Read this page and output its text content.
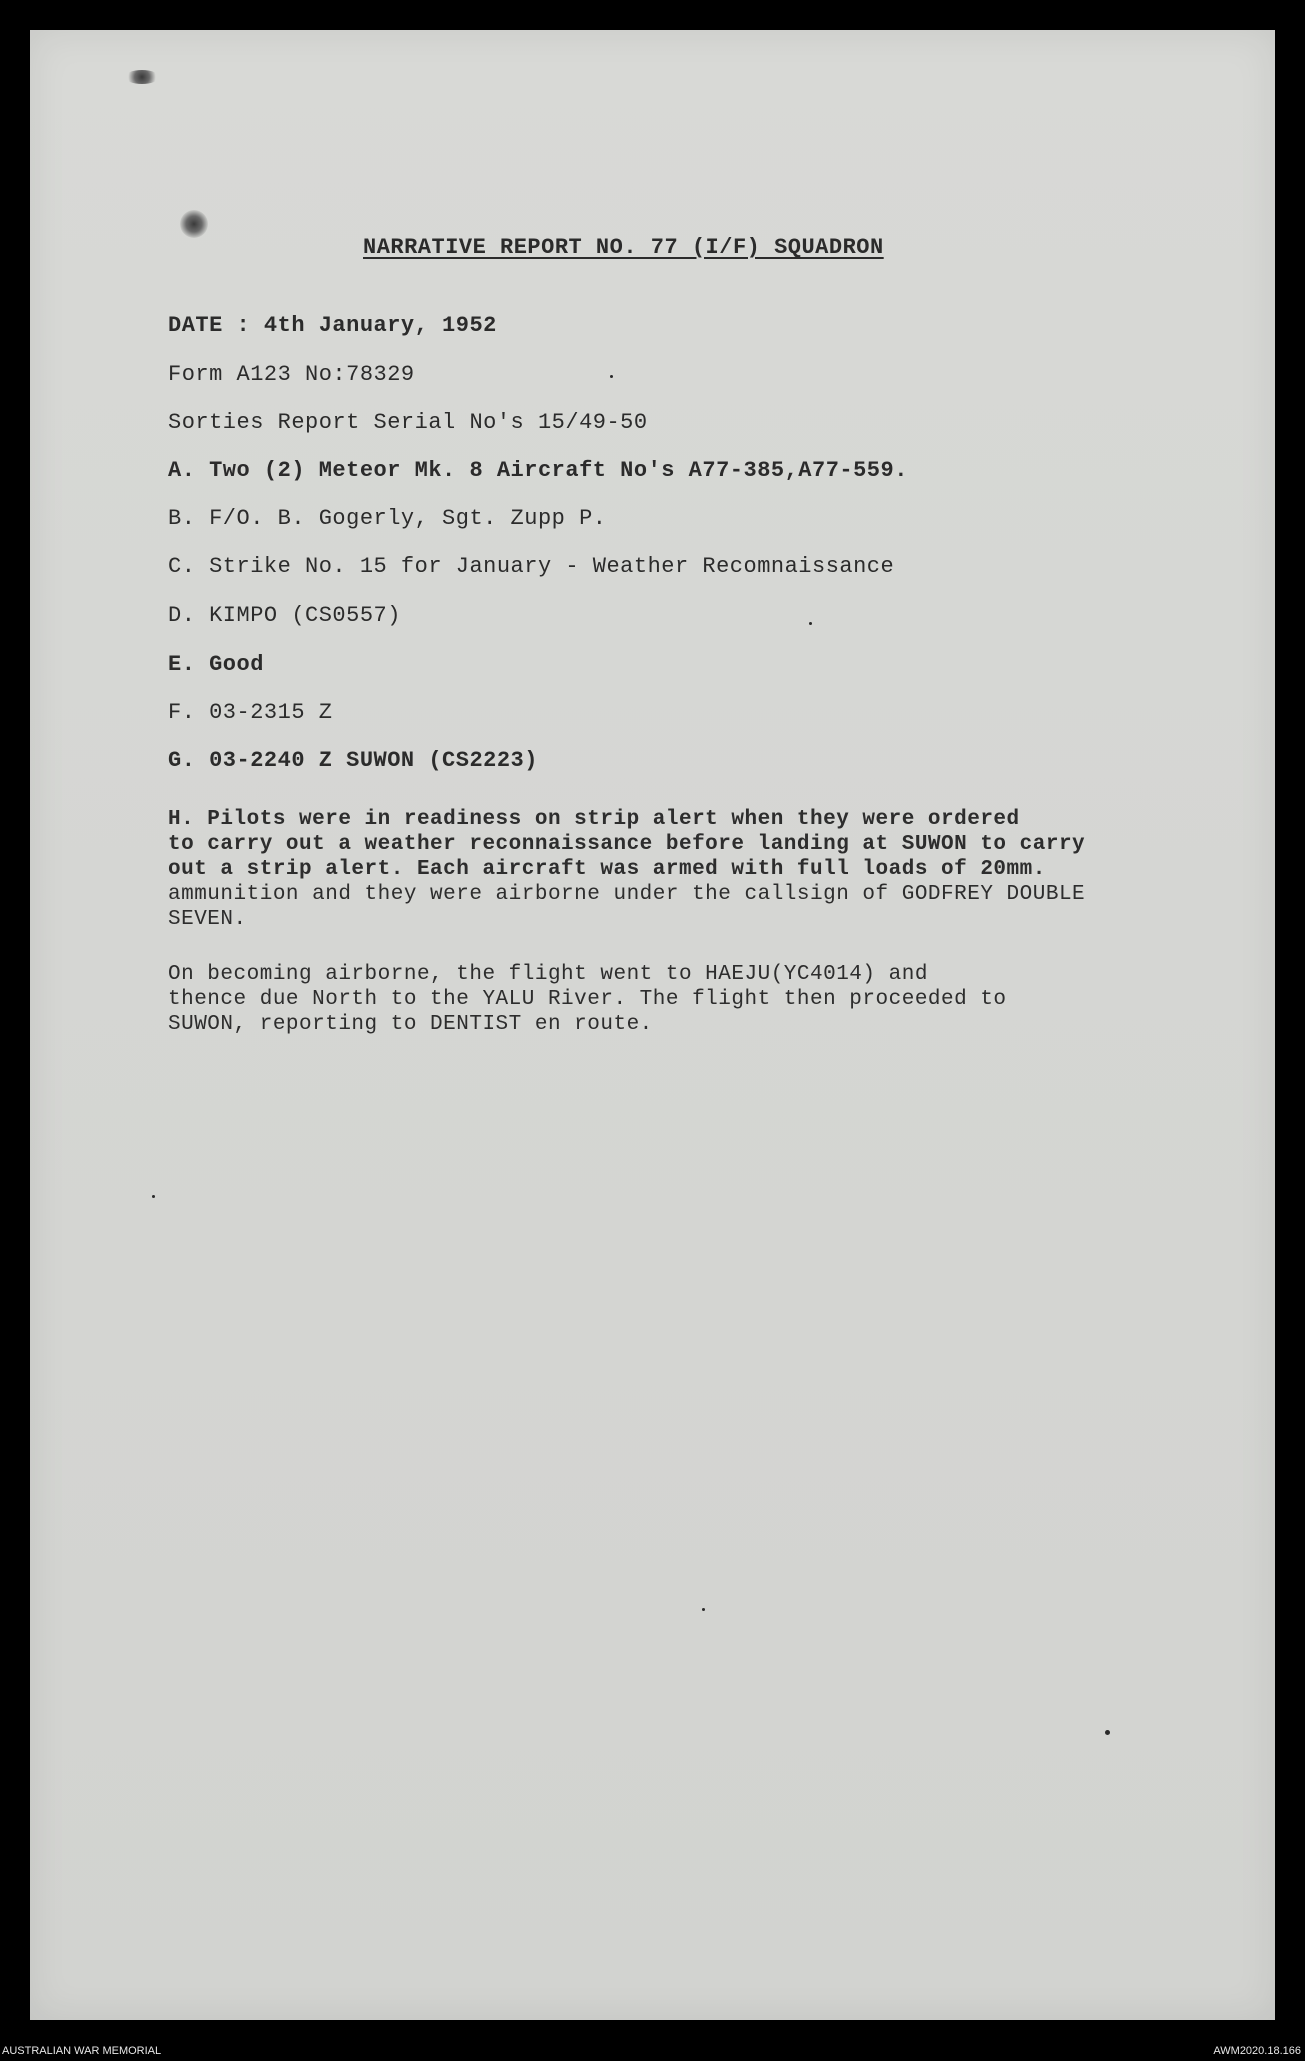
NARRATIVE REPORT NO. 77 (I/F) SQUADRON
DATE : 4th January, 1952
Form A123 No:78329
Sorties Report Serial No's 15/49-50
A. Two (2) Meteor Mk. 8 Aircraft No's A77-385,A77-559.
B. F/O. B. Gogerly, Sgt. Zupp P.
C. Strike No. 15 for January - Weather Recomnaissance
D. KIMPO (CS0557)
E. Good
F. 03-2315 Z
G. 03-2240 Z SUWON (CS2223)
H. Pilots were in readiness on strip alert when they were ordered
to carry out a weather reconnaissance before landing at SUWON to carry
out a strip alert. Each aircraft was armed with full loads of 20mm.
ammunition and they were airborne under the callsign of GODFREY DOUBLE
SEVEN.
On becoming airborne, the flight went to HAEJU(YC4014) and
thence due North to the YALU River. The flight then proceeded to
SUWON, reporting to DENTIST en route.
AUSTRALIAN WAR MEMORIAL	AWM2020.18.166
